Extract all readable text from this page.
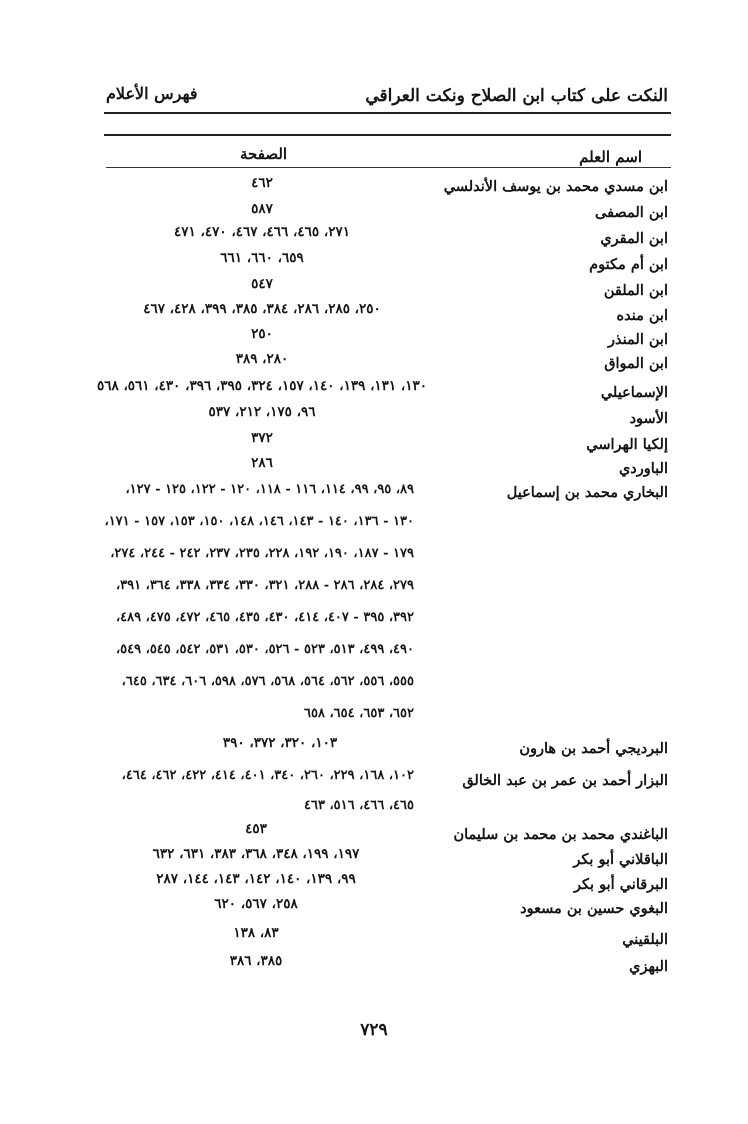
النكت على كتاب ابن الصلاح ونكت العراقي
فهرس الأعلام
اسم العلم
الصفحة
ابن مسدي محمد بن يوسف الأندلسي
٤٦٢
ابن المصفى
٥٨٧
ابن المقري
٢٧١، ٤٦٥، ٤٦٦، ٤٦٧، ٤٧٠، ٤٧١
ابن أم مكتوم
٦٥٩، ٦٦٠، ٦٦١
ابن الملقن
٥٤٧
ابن منده
٢٥٠، ٢٨٥، ٢٨٦، ٣٨٤، ٣٨٥، ٣٩٩، ٤٢٨، ٤٦٧
ابن المنذر
٢٥٠
ابن المواق
٢٨٠، ٣٨٩
الإسماعيلي
١٣٠، ١٣١، ١٣٩، ١٤٠، ١٥٧، ٣٢٤، ٣٩٥، ٣٩٦، ٤٣٠، ٥٦١، ٥٦٨
الأسود
٩٦، ١٧٥، ٢١٢، ٥٣٧
إلكيا الهراسي
٣٧٢
الباوردي
٢٨٦
البخاري محمد بن إسماعيل
٨٩، ٩٥، ٩٩، ١١٤، ١١٦ - ١١٨، ١٢٠ - ١٢٢، ١٢٥ - ١٢٧،
١٣٠ - ١٣٦، ١٤٠ - ١٤٣، ١٤٦، ١٤٨، ١٥٠، ١٥٣، ١٥٧ - ١٧١،
١٧٩ - ١٨٧، ١٩٠، ١٩٢، ٢٢٨، ٢٣٥، ٢٣٧، ٢٤٢ - ٢٤٤، ٢٧٤،
٢٧٩، ٢٨٤، ٢٨٦ - ٢٨٨، ٣٢١، ٣٣٠، ٣٣٤، ٣٣٨، ٣٦٤، ٣٩١،
٣٩٢، ٣٩٥ - ٤٠٧، ٤١٤، ٤٣٠، ٤٣٥، ٤٦٥، ٤٧٢، ٤٧٥، ٤٨٩،
٤٩٠، ٤٩٩، ٥١٣، ٥٢٣ - ٥٢٦، ٥٣٠، ٥٣١، ٥٤٢، ٥٤٥، ٥٤٩،
٥٥٥، ٥٥٦، ٥٦٢، ٥٦٤، ٥٦٨، ٥٧٦، ٥٩٨، ٦٠٦، ٦٣٤، ٦٤٥،
٦٥٢، ٦٥٣، ٦٥٤، ٦٥٨
البرديجي أحمد بن هارون
١٠٣، ٣٢٠، ٣٧٢، ٣٩٠
البزار أحمد بن عمر بن عبد الخالق
١٠٢، ١٦٨، ٢٢٩، ٢٦٠، ٣٤٠، ٤٠١، ٤١٤، ٤٢٢، ٤٦٢، ٤٦٤،
٤٦٥، ٤٦٦، ٥١٦، ٤٦٣
الباغندي محمد بن محمد بن سليمان
٤٥٣
الباقلاني أبو بكر
١٩٧، ١٩٩، ٣٤٨، ٣٦٨، ٣٨٣، ٦٣١، ٦٣٢
البرقاني أبو بكر
٩٩، ١٣٩، ١٤٠، ١٤٢، ١٤٣، ١٤٤، ٢٨٧
البغوي حسين بن مسعود
٢٥٨، ٥٦٧، ٦٢٠
البلقيني
٨٣، ١٣٨
البهزي
٣٨٥، ٣٨٦
٧٢٩
